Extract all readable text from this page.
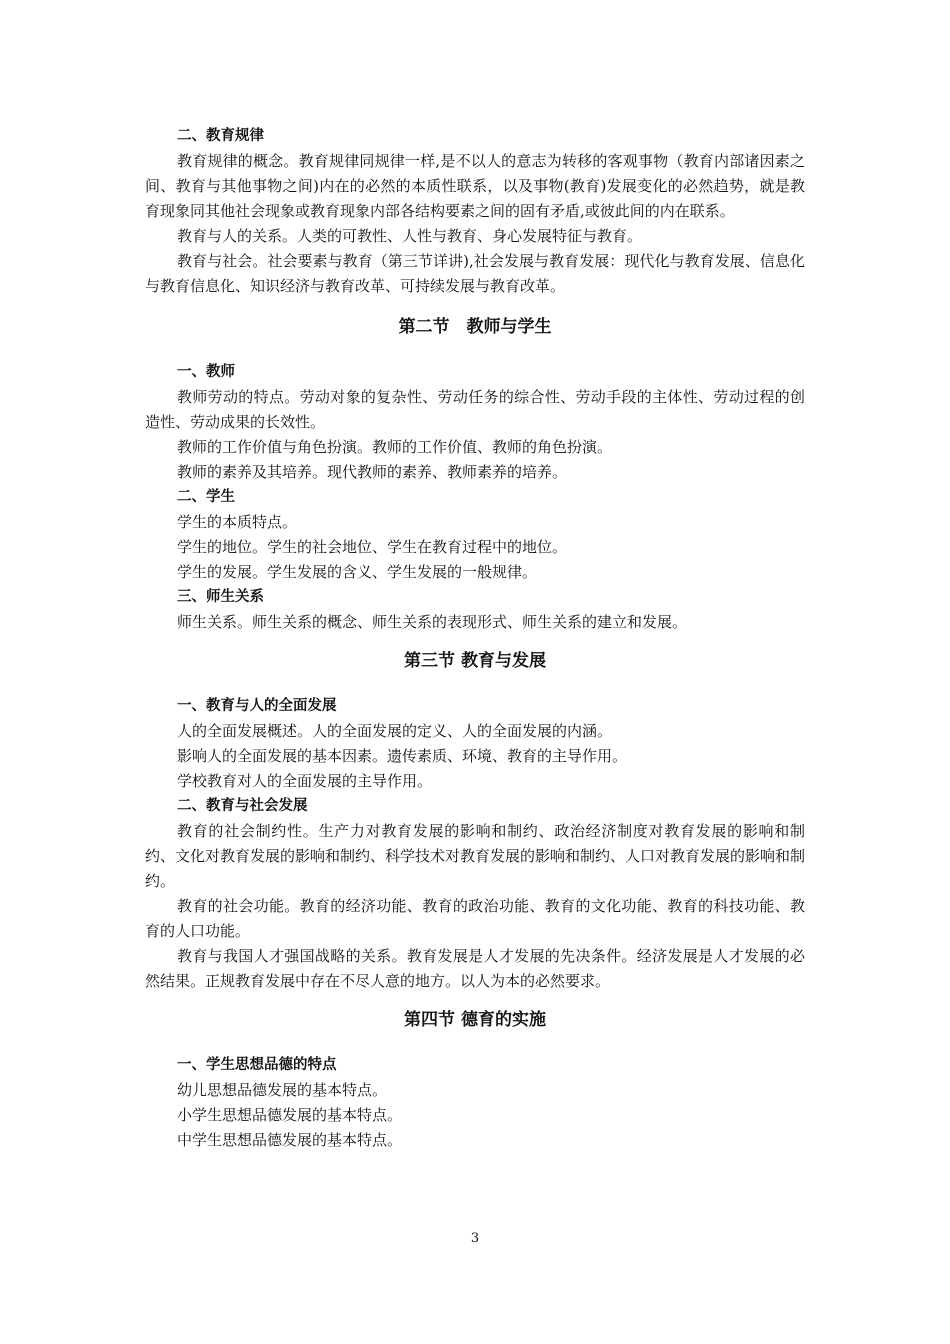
二、教育规律

教育规律的概念。教育规律同规律一样,是不以人的意志为转移的客观事物（教育内部诸因素之间、教育与其他事物之间)内在的必然的本质性联系，以及事物(教育)发展变化的必然趋势，就是教育现象同其他社会现象或教育现象内部各结构要素之间的固有矛盾,或彼此间的内在联系。

教育与人的关系。人类的可教性、人性与教育、身心发展特征与教育。

教育与社会。社会要素与教育（第三节详讲),社会发展与教育发展：现代化与教育发展、信息化与教育信息化、知识经济与教育改革、可持续发展与教育改革。

第二节　教师与学生

一、教师

教师劳动的特点。劳动对象的复杂性、劳动任务的综合性、劳动手段的主体性、劳动过程的创造性、劳动成果的长效性。

教师的工作价值与角色扮演。教师的工作价值、教师的角色扮演。

教师的素养及其培养。现代教师的素养、教师素养的培养。

二、学生

学生的本质特点。

学生的地位。学生的社会地位、学生在教育过程中的地位。

学生的发展。学生发展的含义、学生发展的一般规律。

三、师生关系

师生关系。师生关系的概念、师生关系的表现形式、师生关系的建立和发展。

第三节 教育与发展

一、教育与人的全面发展

人的全面发展概述。人的全面发展的定义、人的全面发展的内涵。

影响人的全面发展的基本因素。遗传素质、环境、教育的主导作用。

学校教育对人的全面发展的主导作用。

二、教育与社会发展

教育的社会制约性。生产力对教育发展的影响和制约、政治经济制度对教育发展的影响和制约、文化对教育发展的影响和制约、科学技术对教育发展的影响和制约、人口对教育发展的影响和制约。

教育的社会功能。教育的经济功能、教育的政治功能、教育的文化功能、教育的科技功能、教育的人口功能。

教育与我国人才强国战略的关系。教育发展是人才发展的先决条件。经济发展是人才发展的必然结果。正规教育发展中存在不尽人意的地方。以人为本的必然要求。

第四节 德育的实施

一、学生思想品德的特点

幼儿思想品德发展的基本特点。

小学生思想品德发展的基本特点。

中学生思想品德发展的基本特点。

3
